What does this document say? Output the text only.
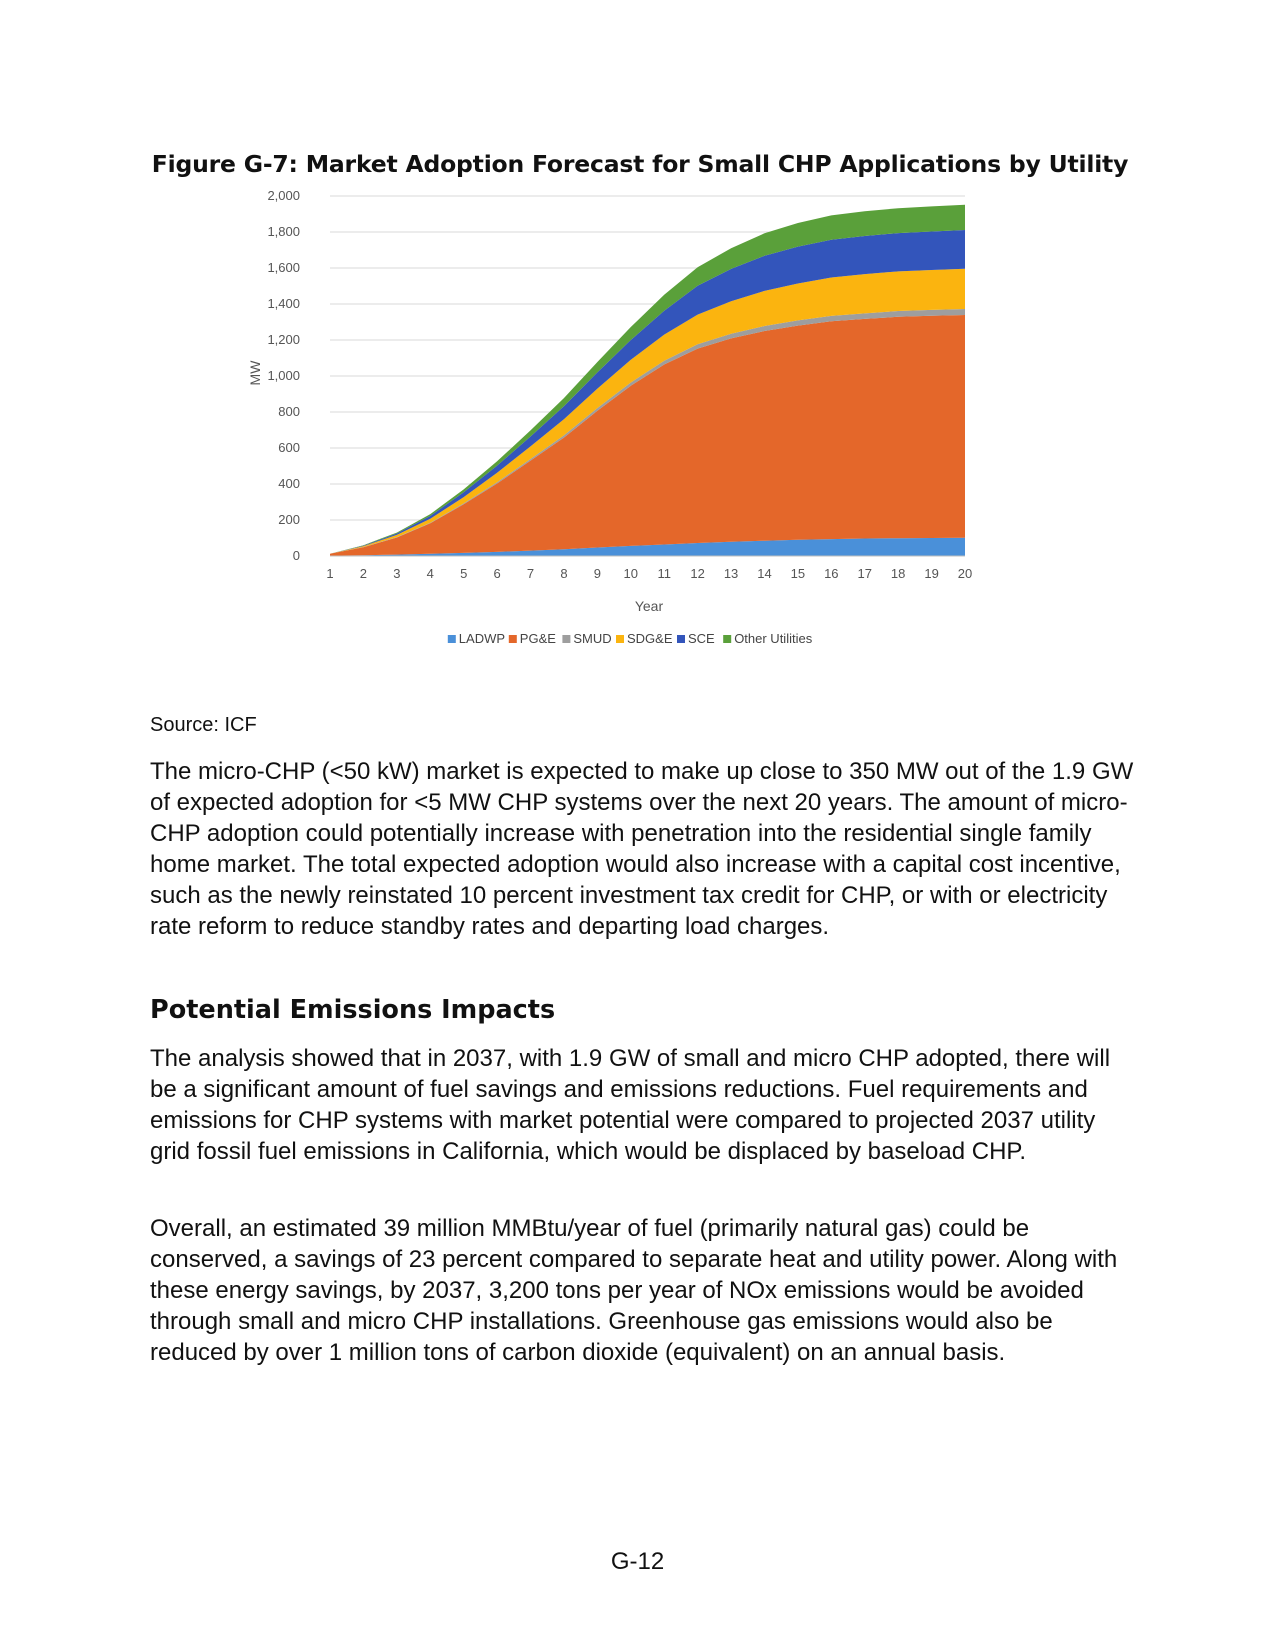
Figure G-7: Market Adoption Forecast for Small CHP Applications by Utility
0
200
400
600
800
1,000
1,200
1,400
1,600
1,800
2,000
1 2 3 4 5 6 7 8 9 10 11 12 13 14 15 16 17 18 19 20
MW
Year
LADWP PG&E SMUD SDG&E SCE Other Utilities

Source: ICF

The micro-CHP (<50 kW) market is expected to make up close to 350 MW out of the 1.9 GW of expected adoption for <5 MW CHP systems over the next 20 years. The amount of micro-CHP adoption could potentially increase with penetration into the residential single family home market. The total expected adoption would also increase with a capital cost incentive, such as the newly reinstated 10 percent investment tax credit for CHP, or with or electricity rate reform to reduce standby rates and departing load charges.

Potential Emissions Impacts

The analysis showed that in 2037, with 1.9 GW of small and micro CHP adopted, there will be a significant amount of fuel savings and emissions reductions. Fuel requirements and emissions for CHP systems with market potential were compared to projected 2037 utility grid fossil fuel emissions in California, which would be displaced by baseload CHP.

Overall, an estimated 39 million MMBtu/year of fuel (primarily natural gas) could be conserved, a savings of 23 percent compared to separate heat and utility power. Along with these energy savings, by 2037, 3,200 tons per year of NOx emissions would be avoided through small and micro CHP installations. Greenhouse gas emissions would also be reduced by over 1 million tons of carbon dioxide (equivalent) on an annual basis.

G-12
